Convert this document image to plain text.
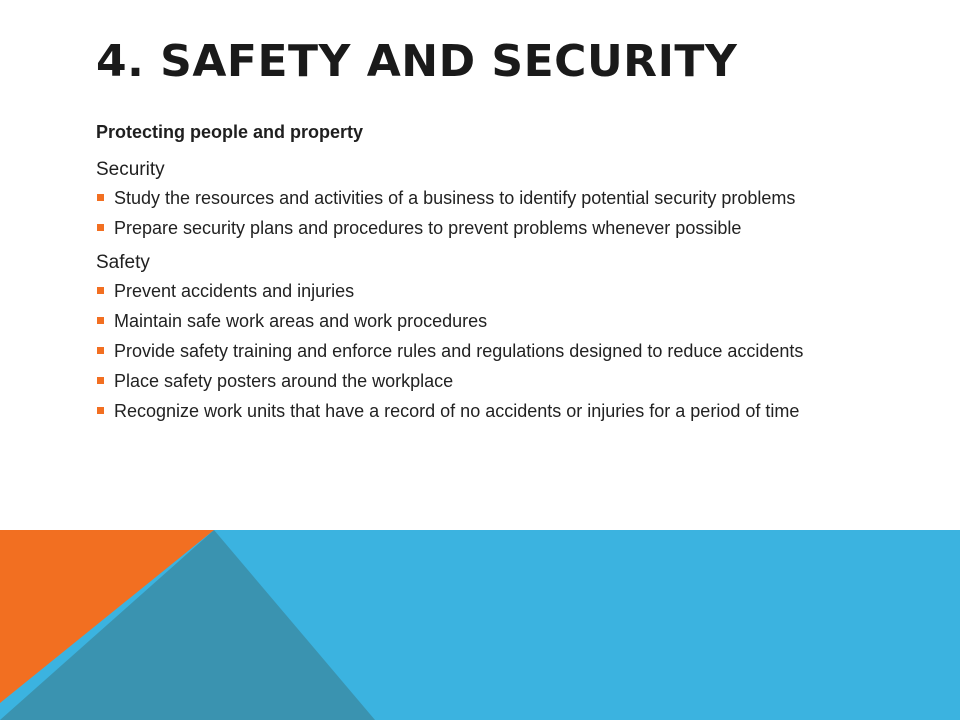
4. SAFETY AND SECURITY
Protecting people and property
Security
Study the resources and activities of a business to identify potential security problems
Prepare security plans and procedures to prevent problems whenever possible
Safety
Prevent accidents and injuries
Maintain safe work areas and work procedures
Provide safety training and enforce rules and regulations designed to reduce accidents
Place safety posters around the workplace
Recognize work units that have a record of no accidents or injuries for a period of time
